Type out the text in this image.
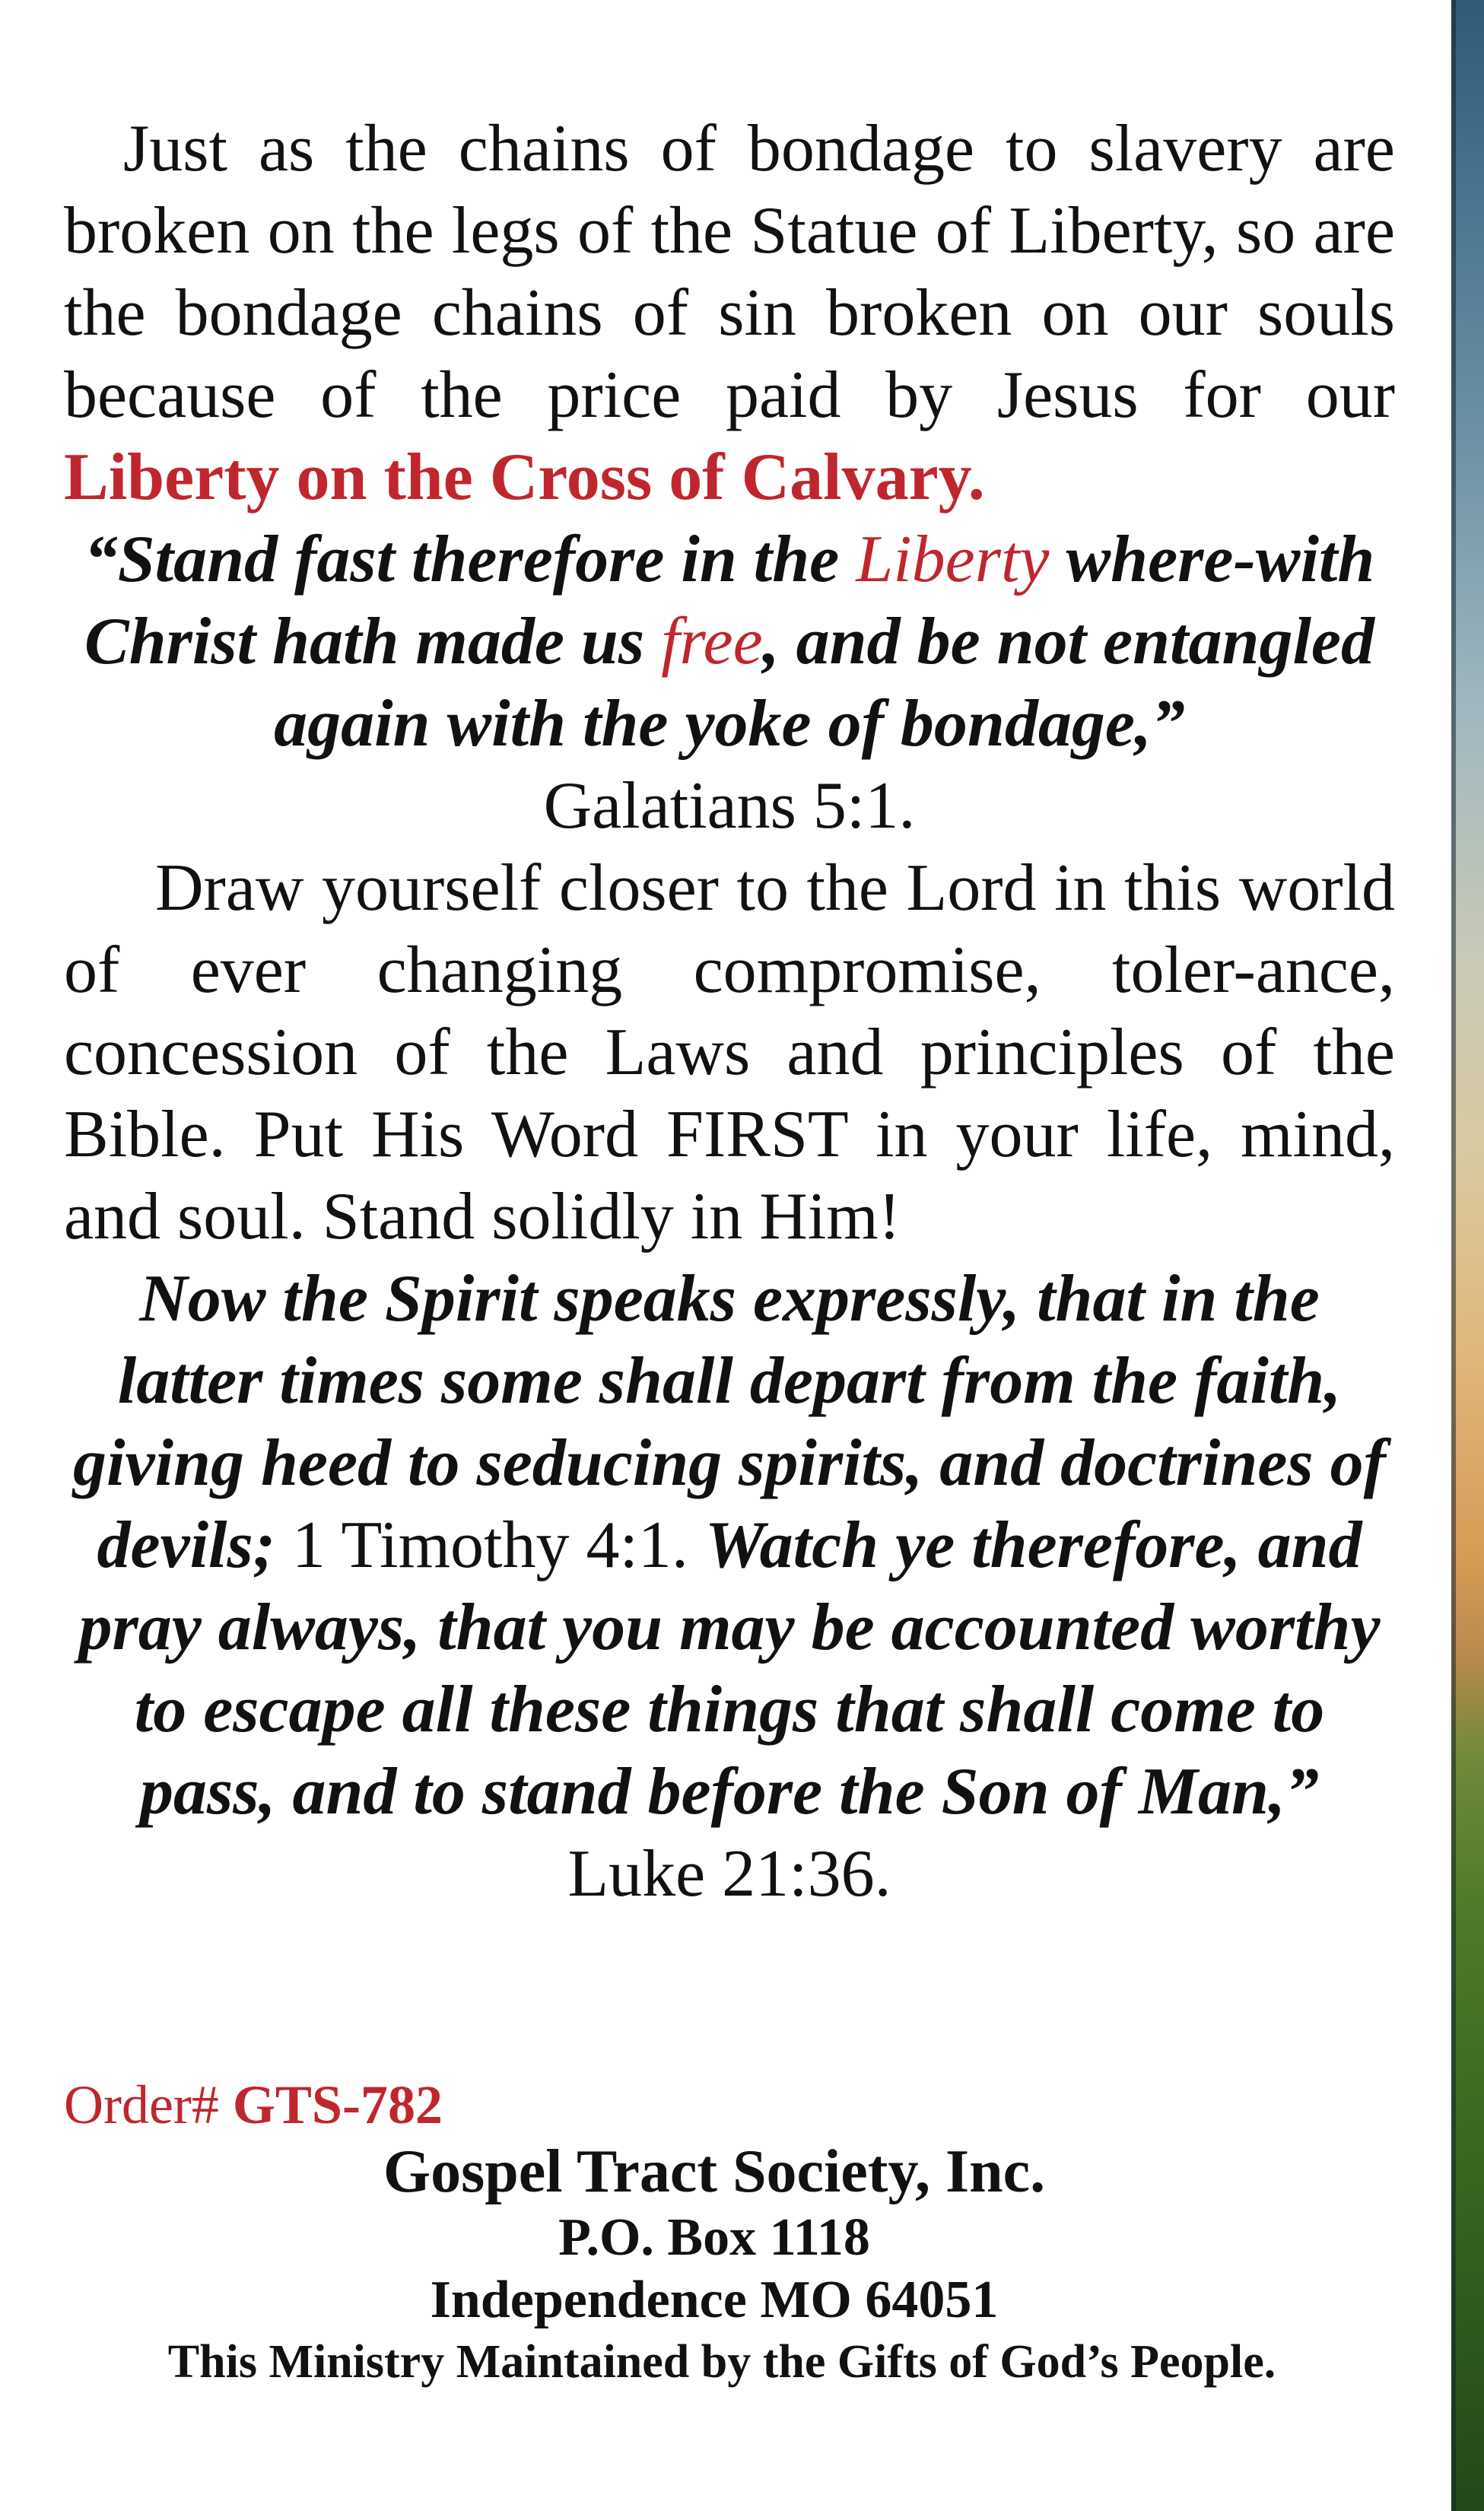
Just as the chains of bondage to slavery are broken on the legs of the Statue of Liberty, so are the bondage chains of sin broken on our souls because of the price paid by Jesus for our Liberty on the Cross of Calvary.

“Stand fast therefore in the Liberty where-with Christ hath made us free, and be not entangled again with the yoke of bondage,”
Galatians 5:1.

Draw yourself closer to the Lord in this world of ever changing compromise, toler-ance, concession of the Laws and principles of the Bible. Put His Word FIRST in your life, mind, and soul. Stand solidly in Him!

Now the Spirit speaks expressly, that in the latter times some shall depart from the faith, giving heed to seducing spirits, and doctrines of devils; 1 Timothy 4:1. Watch ye therefore, and pray always, that you may be accounted worthy to escape all these things that shall come to pass, and to stand before the Son of Man,” Luke 21:36.

Order# GTS-782
Gospel Tract Society, Inc.
P.O. Box 1118
Independence MO 64051
This Ministry Maintained by the Gifts of God’s People.
